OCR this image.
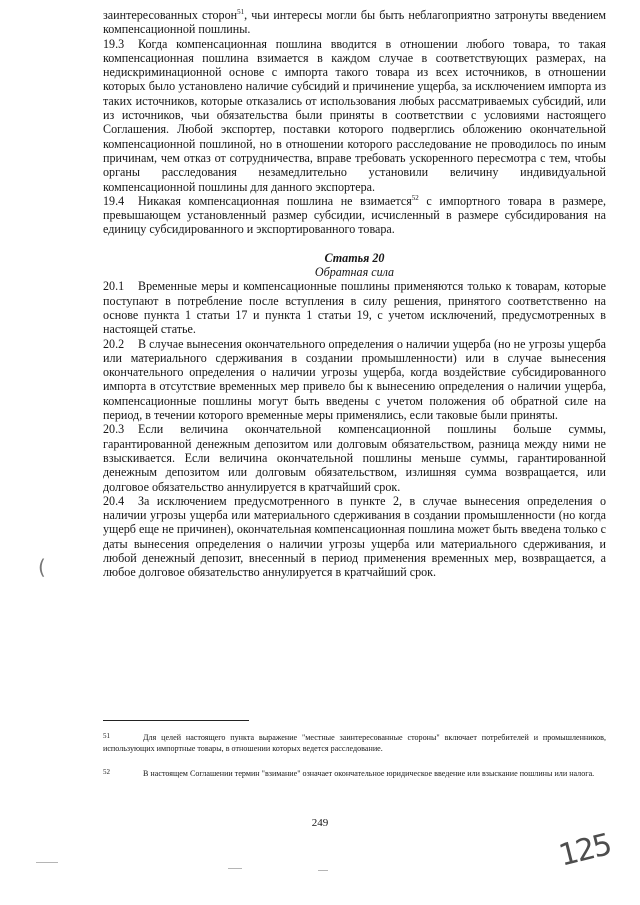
заинтересованных сторон$^{51}$, чьи интересы могли бы быть неблагоприятно затронуты введением компенсационной пошлины.

19.3 Когда компенсационная пошлина вводится в отношении любого товара, то такая компенсационная пошлина взимается в каждом случае в соответствующих размерах, на недискриминационной основе с импорта такого товара из всех источников, в отношении которых было установлено наличие субсидий и причинение ущерба, за исключением импорта из таких источников, которые отказались от использования любых рассматриваемых субсидий, или из источников, чьи обязательства были приняты в соответствии с условиями настоящего Соглашения. Любой экспортер, поставки которого подверглись обложению окончательной компенсационной пошлиной, но в отношении которого расследование не проводилось по иным причинам, чем отказ от сотрудничества, вправе требовать ускоренного пересмотра с тем, чтобы органы расследования незамедлительно установили величину индивидуальной компенсационной пошлины для данного экспортера.

19.4 Никакая компенсационная пошлина не взимается$^{52}$ с импортного товара в размере, превышающем установленный размер субсидии, исчисленный в размере субсидирования на единицу субсидированного и экспортированного товара.

Статья 20
Обратная сила

20.1 Временные меры и компенсационные пошлины применяются только к товарам, которые поступают в потребление после вступления в силу решения, принятого соответственно на основе пункта 1 статьи 17 и пункта 1 статьи 19, с учетом исключений, предусмотренных в настоящей статье.

20.2 В случае вынесения окончательного определения о наличии ущерба (но не угрозы ущерба или материального сдерживания в создании промышленности) или в случае вынесения окончательного определения о наличии угрозы ущерба, когда воздействие субсидированного импорта в отсутствие временных мер привело бы к вынесению определения о наличии ущерба, компенсационные пошлины могут быть введены с учетом положения об обратной силе на период, в течении которого временные меры применялись, если таковые были приняты.

20.3 Если величина окончательной компенсационной пошлины больше суммы, гарантированной денежным депозитом или долговым обязательством, разница между ними не взыскивается. Если величина окончательной пошлины меньше суммы, гарантированной денежным депозитом или долговым обязательством, излишняя сумма возвращается, или долговое обязательство аннулируется в кратчайший срок.

20.4 За исключением предусмотренного в пункте 2, в случае вынесения определения о наличии угрозы ущерба или материального сдерживания в создании промышленности (но когда ущерб еще не причинен), окончательная компенсационная пошлина может быть введена только с даты вынесения определения о наличии угрозы ущерба или материального сдерживания, и любой денежный депозит, внесенный в период применения временных мер, возвращается, а любое долговое обязательство аннулируется в кратчайший срок.

51	Для целей настоящего пункта выражение "местные заинтересованные стороны" включает потребителей и промышленников, использующих импортные товары, в отношении которых ведется расследование.
52	В настоящем Соглашении термин "взимание" означает окончательное юридическое введение или взыскание пошлины или налога.
249
125
(
